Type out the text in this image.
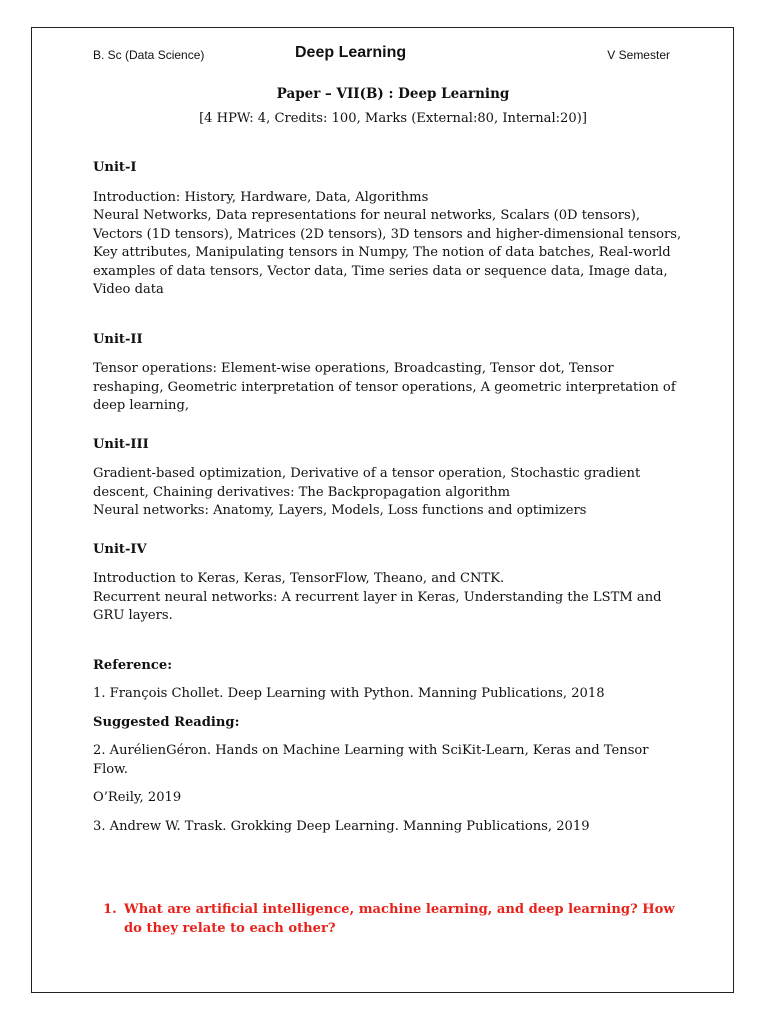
B. Sc (Data Science)	Deep Learning	V Semester

Paper – VII(B) : Deep Learning

[4 HPW: 4, Credits: 100, Marks (External:80, Internal:20)]

Unit-I

Introduction: History, Hardware, Data, Algorithms

Neural Networks, Data representations for neural networks, Scalars (0D tensors), Vectors (1D tensors), Matrices (2D tensors), 3D tensors and higher-dimensional tensors, Key attributes, Manipulating tensors in Numpy, The notion of data batches, Real-world examples of data tensors, Vector data, Time series data or sequence data, Image data, Video data

Unit-II

Tensor operations: Element-wise operations, Broadcasting, Tensor dot, Tensor reshaping, Geometric interpretation of tensor operations, A geometric interpretation of deep learning,

Unit-III

Gradient-based optimization, Derivative of a tensor operation, Stochastic gradient descent, Chaining derivatives: The Backpropagation algorithm

Neural networks: Anatomy, Layers, Models, Loss functions and optimizers

Unit-IV

Introduction to Keras, Keras, TensorFlow, Theano, and CNTK.

Recurrent neural networks: A recurrent layer in Keras, Understanding the LSTM and GRU layers.

Reference:

1. François Chollet. Deep Learning with Python. Manning Publications, 2018

Suggested Reading:

2. AurélienGéron. Hands on Machine Learning with SciKit-Learn, Keras and Tensor Flow.

O’Reily, 2019

3. Andrew W. Trask. Grokking Deep Learning. Manning Publications, 2019

1. What are artificial intelligence, machine learning, and deep learning? How do they relate to each other?
